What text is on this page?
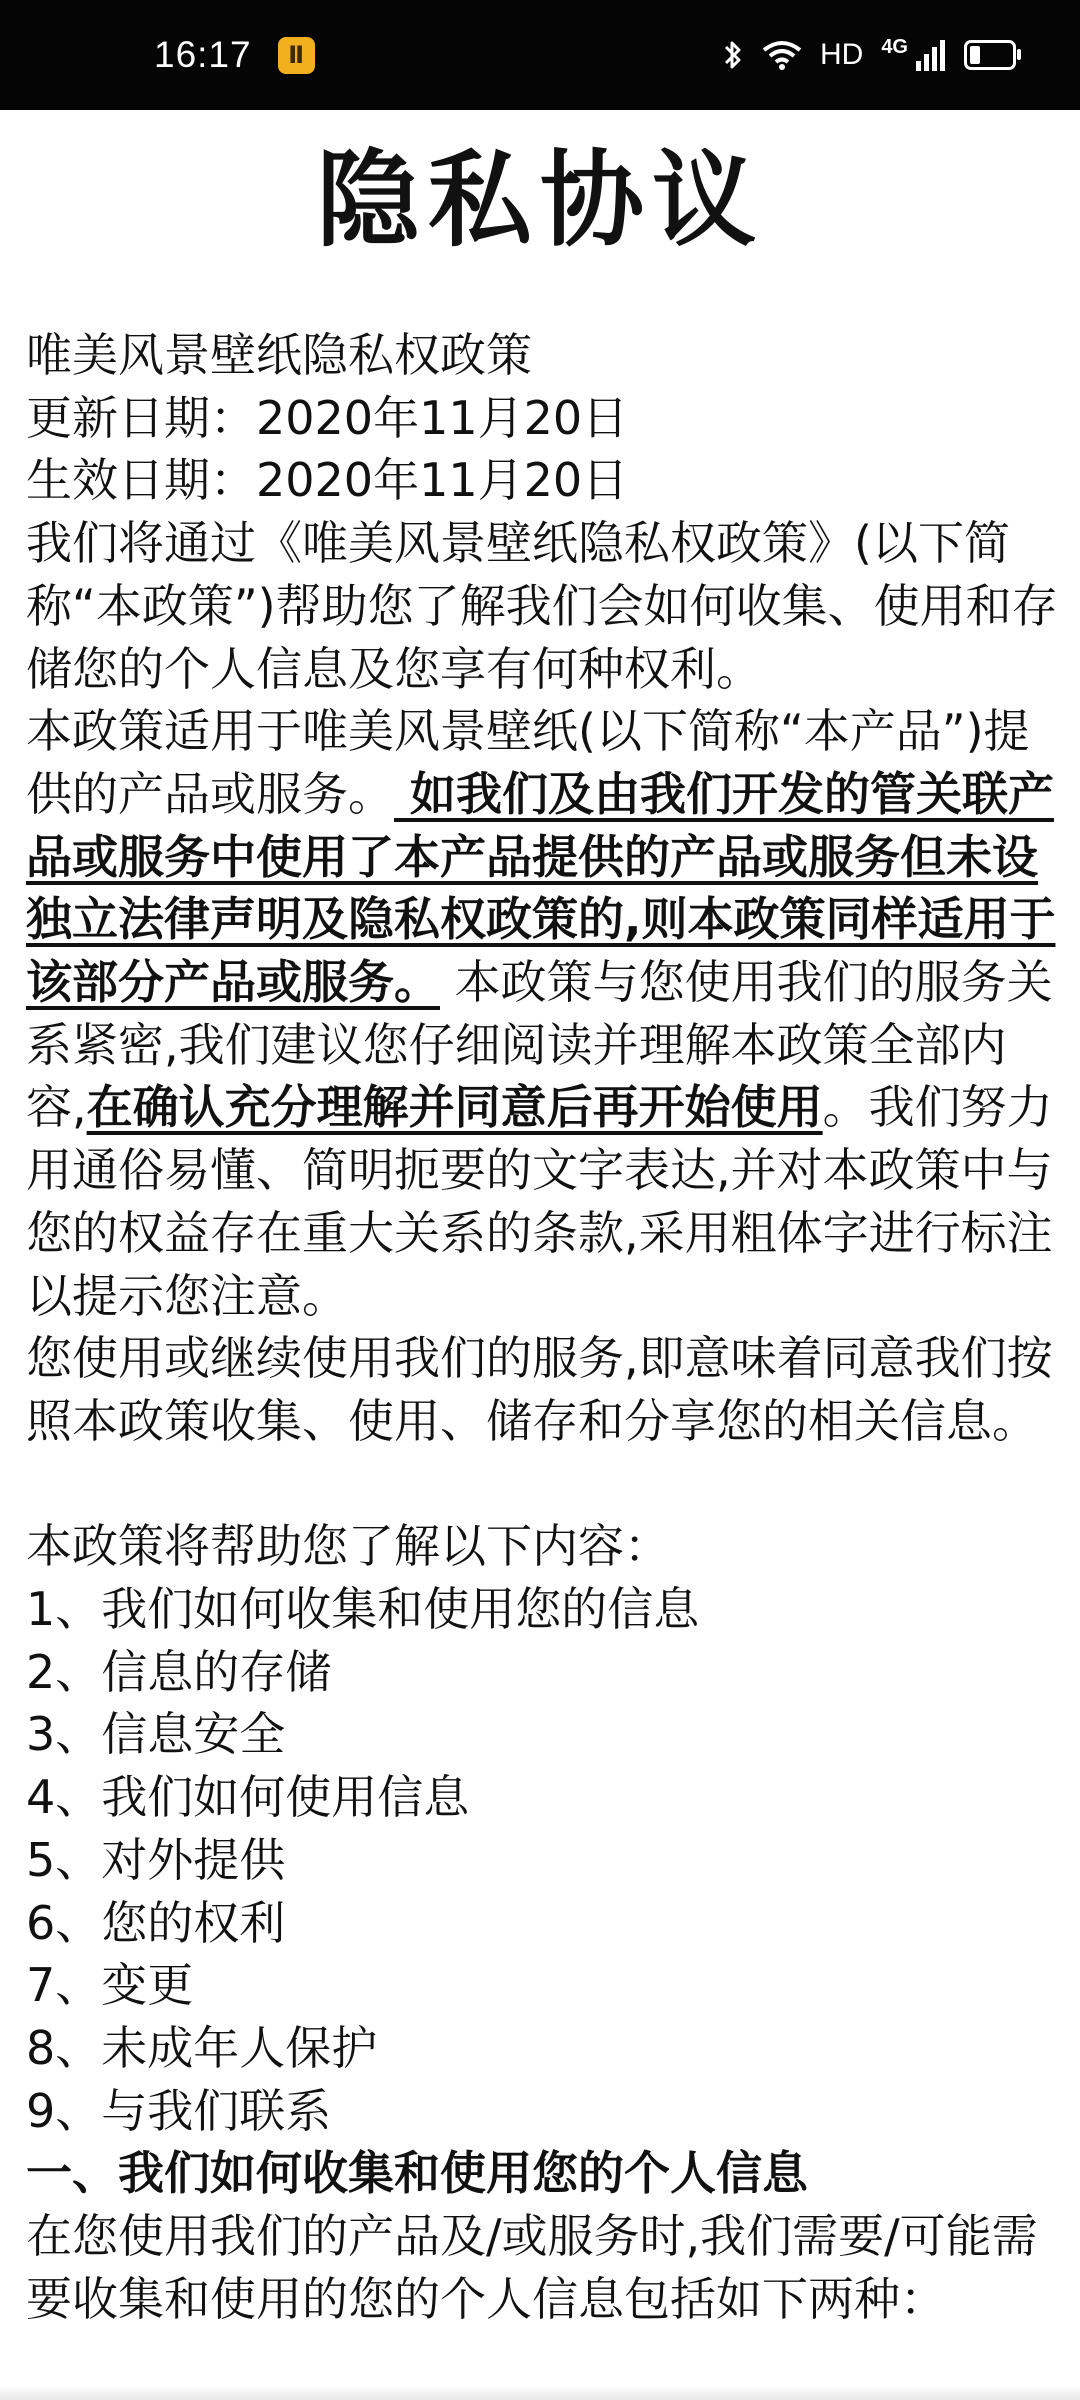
16:17	Ⅱ	HD 4G
隐私协议

唯美风景壁纸隐私权政策

更新日期：2020年11月20日

生效日期：2020年11月20日

我们将通过《唯美风景壁纸隐私权政策》(以下简称“本政策”)帮助您了解我们会如何收集、使用和存储您的个人信息及您享有何种权利。

本政策适用于唯美风景壁纸(以下简称“本产品”)提供的产品或服务。 如我们及由我们开发的管关联产品或服务中使用了本产品提供的产品或服务但未设独立法律声明及隐私权政策的,则本政策同样适用于该部分产品或服务。 本政策与您使用我们的服务关系紧密,我们建议您仔细阅读并理解本政策全部内容,在确认充分理解并同意后再开始使用。我们努力用通俗易懂、简明扼要的文字表达,并对本政策中与您的权益存在重大关系的条款,采用粗体字进行标注以提示您注意。

您使用或继续使用我们的服务,即意味着同意我们按照本政策收集、使用、储存和分享您的相关信息。

本政策将帮助您了解以下内容：

1、我们如何收集和使用您的信息

2、信息的存储

3、信息安全

4、我们如何使用信息

5、对外提供

6、您的权利

7、变更

8、未成年人保护

9、与我们联系

一、我们如何收集和使用您的个人信息

在您使用我们的产品及/或服务时,我们需要/可能需要收集和使用的您的个人信息包括如下两种：
